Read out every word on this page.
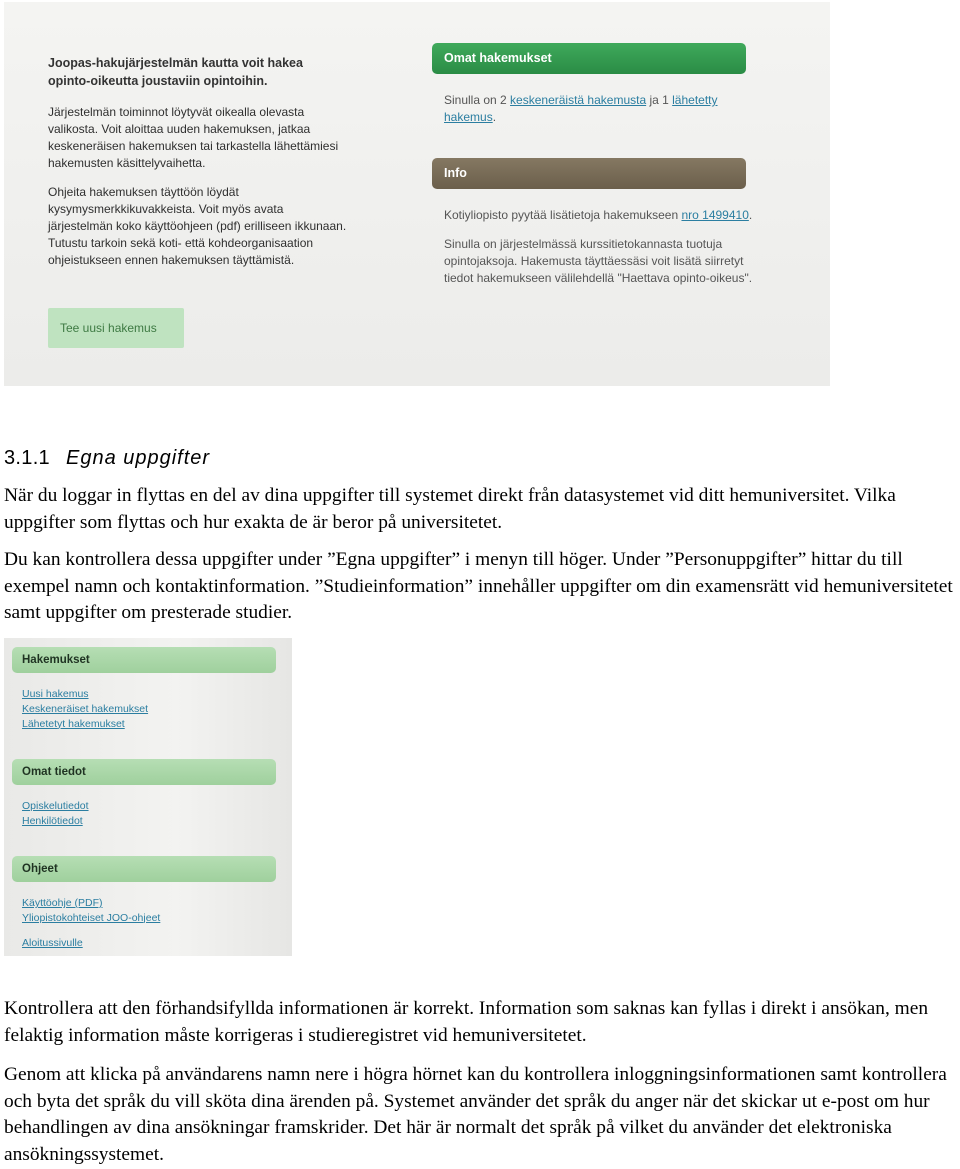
Joopas-hakujärjestelmän kautta voit hakea opinto-oikeutta joustaviin opintoihin.

Järjestelmän toiminnot löytyvät oikealla olevasta valikosta. Voit aloittaa uuden hakemuksen, jatkaa keskeneräisen hakemuksen tai tarkastella lähettämiesi hakemusten käsittelyvaihetta.

Ohjeita hakemuksen täyttöön löydät kysymysmerkkikuvakkeista. Voit myös avata järjestelmän koko käyttöohjeen (pdf) erilliseen ikkunaan. Tutustu tarkoin sekä koti- että kohdeorganisaation ohjeistukseen ennen hakemuksen täyttämistä.

Tee uusi hakemus
Omat hakemukset

Sinulla on 2 keskeneräistä hakemusta ja 1 lähetetty hakemus.

Info

Kotiyliopisto pyytää lisätietoja hakemukseen nro 1499410.

Sinulla on järjestelmässä kurssitietokannasta tuotuja opintojaksoja. Hakemusta täyttäessäsi voit lisätä siirretyt tiedot hakemukseen välilehdellä "Haettava opinto-oikeus".

3.1.1 Egna uppgifter

När du loggar in flyttas en del av dina uppgifter till systemet direkt från datasystemet vid ditt hemuniversitet. Vilka uppgifter som flyttas och hur exakta de är beror på universitetet.

Du kan kontrollera dessa uppgifter under ”Egna uppgifter” i menyn till höger. Under ”Personuppgifter” hittar du till exempel namn och kontaktinformation. ”Studieinformation” innehåller uppgifter om din examensrätt vid hemuniversitetet samt uppgifter om presterade studier.

Hakemukset
Uusi hakemus
Keskeneräiset hakemukset
Lähetetyt hakemukset
Omat tiedot
Opiskelutiedot
Henkilötiedot
Ohjeet
Käyttöohje (PDF)
Yliopistokohteiset JOO-ohjeet
Aloitussivulle

Kontrollera att den förhandsifyllda informationen är korrekt. Information som saknas kan fyllas i direkt i ansökan, men felaktig information måste korrigeras i studieregistret vid hemuniversitetet.

Genom att klicka på användarens namn nere i högra hörnet kan du kontrollera inloggningsinformationen samt kontrollera och byta det språk du vill sköta dina ärenden på. Systemet använder det språk du anger när det skickar ut e-post om hur behandlingen av dina ansökningar framskrider. Det här är normalt det språk på vilket du använder det elektroniska ansökningssystemet.
